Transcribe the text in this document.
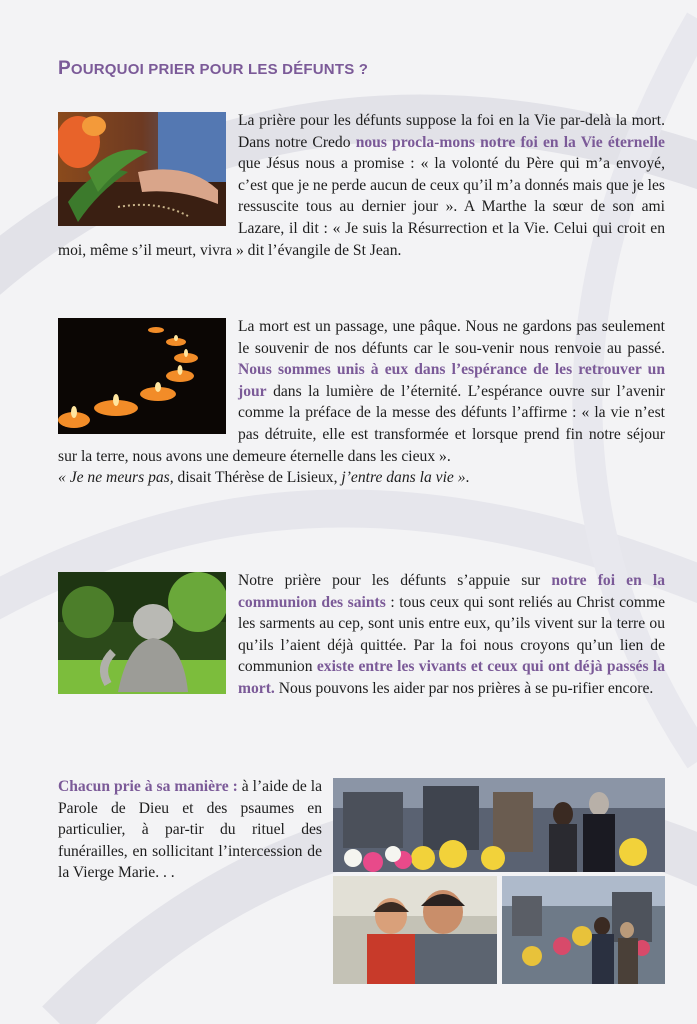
POURQUOI PRIER POUR LES DÉFUNTS ?
La prière pour les défunts suppose la foi en la Vie par-delà la mort. Dans notre Credo nous procla-mons notre foi en la Vie éternelle que Jésus nous a promise : « la volonté du Père qui m’a envoyé, c’est que je ne perde aucun de ceux qu’il m’a donnés mais que je les ressuscite tous au dernier jour ». A Marthe la sœur de son ami Lazare, il dit : « Je suis la Résurrection et la Vie. Celui qui croit en moi, même s’il meurt, vivra » dit l’évangile de St Jean.
La mort est un passage, une pâque. Nous ne gardons pas seulement le souvenir de nos défunts car le sou-venir nous renvoie au passé. Nous sommes unis à eux dans l’espérance de les retrouver un jour dans la lumière de l’éternité. L’espérance ouvre sur l’avenir comme la préface de la messe des défunts l’affirme : « la vie n’est pas détruite, elle est transformée et lorsque prend fin notre séjour sur la terre, nous avons une demeure éternelle dans les cieux ».
« Je ne meurs pas, disait Thérèse de Lisieux, j’entre dans la vie ».
Notre prière pour les défunts s’appuie sur notre foi en la communion des saints : tous ceux qui sont reliés au Christ comme les sarments au cep, sont unis entre eux, qu’ils vivent sur la terre ou qu’ils l’aient déjà quittée. Par la foi nous croyons qu’un lien de communion existe entre les vivants et ceux qui ont déjà passés la mort. Nous pouvons les aider par nos prières à se pu-rifier encore.
Chacun prie à sa manière : à l’aide de la Parole de Dieu et des psaumes en particulier, à par-tir du rituel des funérailles, en sollicitant l’intercession de la Vierge Marie. . .
